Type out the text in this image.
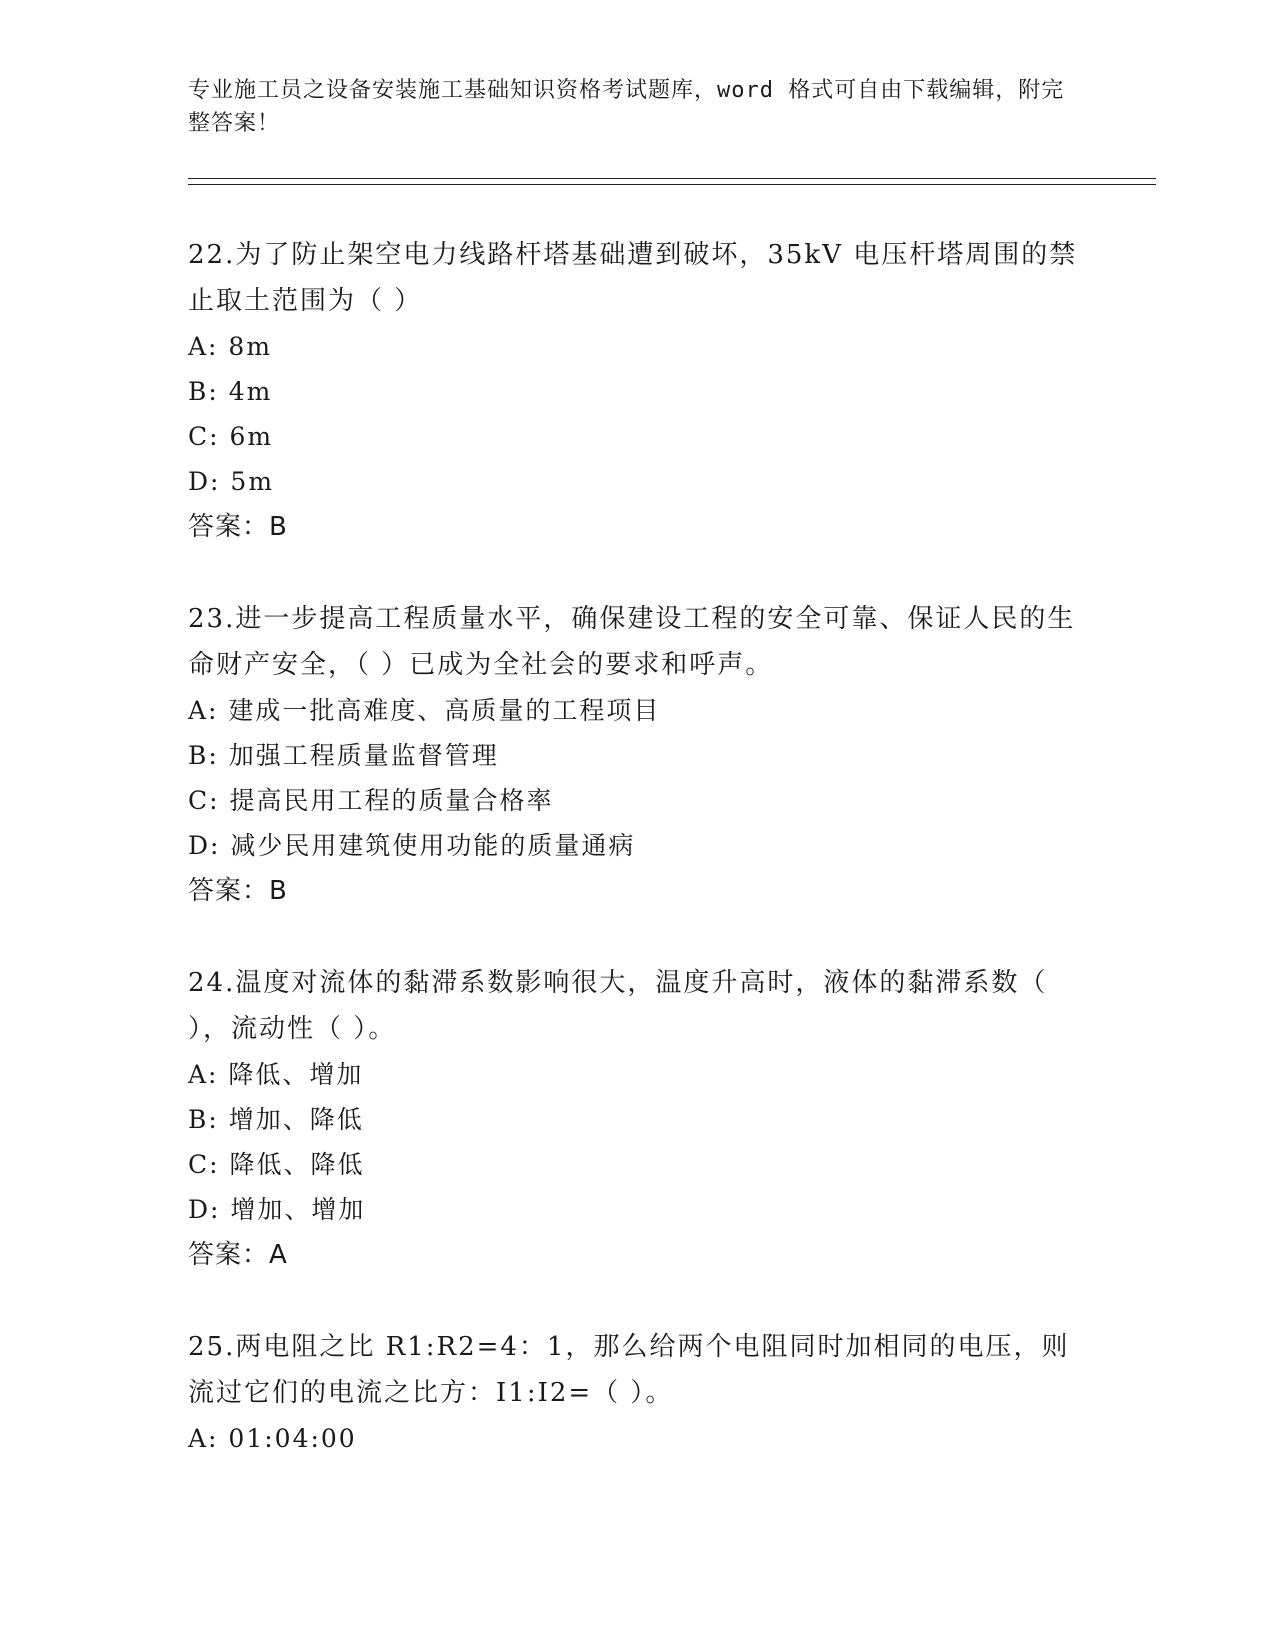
专业施工员之设备安装施工基础知识资格考试题库，word 格式可自由下载编辑，附完整答案！

22.为了防止架空电力线路杆塔基础遭到破坏，35kV 电压杆塔周围的禁止取土范围为（ ）

A: 8m

B: 4m

C: 6m

D: 5m

答案：B

23.进一步提高工程质量水平，确保建设工程的安全可靠、保证人民的生命财产安全，（ ）已成为全社会的要求和呼声。

A: 建成一批高难度、高质量的工程项目

B: 加强工程质量监督管理

C: 提高民用工程的质量合格率

D: 减少民用建筑使用功能的质量通病

答案：B

24.温度对流体的黏滞系数影响很大，温度升高时，液体的黏滞系数（ ），流动性（ ）。

A: 降低、增加

B: 增加、降低

C: 降低、降低

D: 增加、增加

答案：A

25.两电阻之比 R1:R2=4：1，那么给两个电阻同时加相同的电压，则流过它们的电流之比方：I1:I2=（ ）。

A: 01:04:00
